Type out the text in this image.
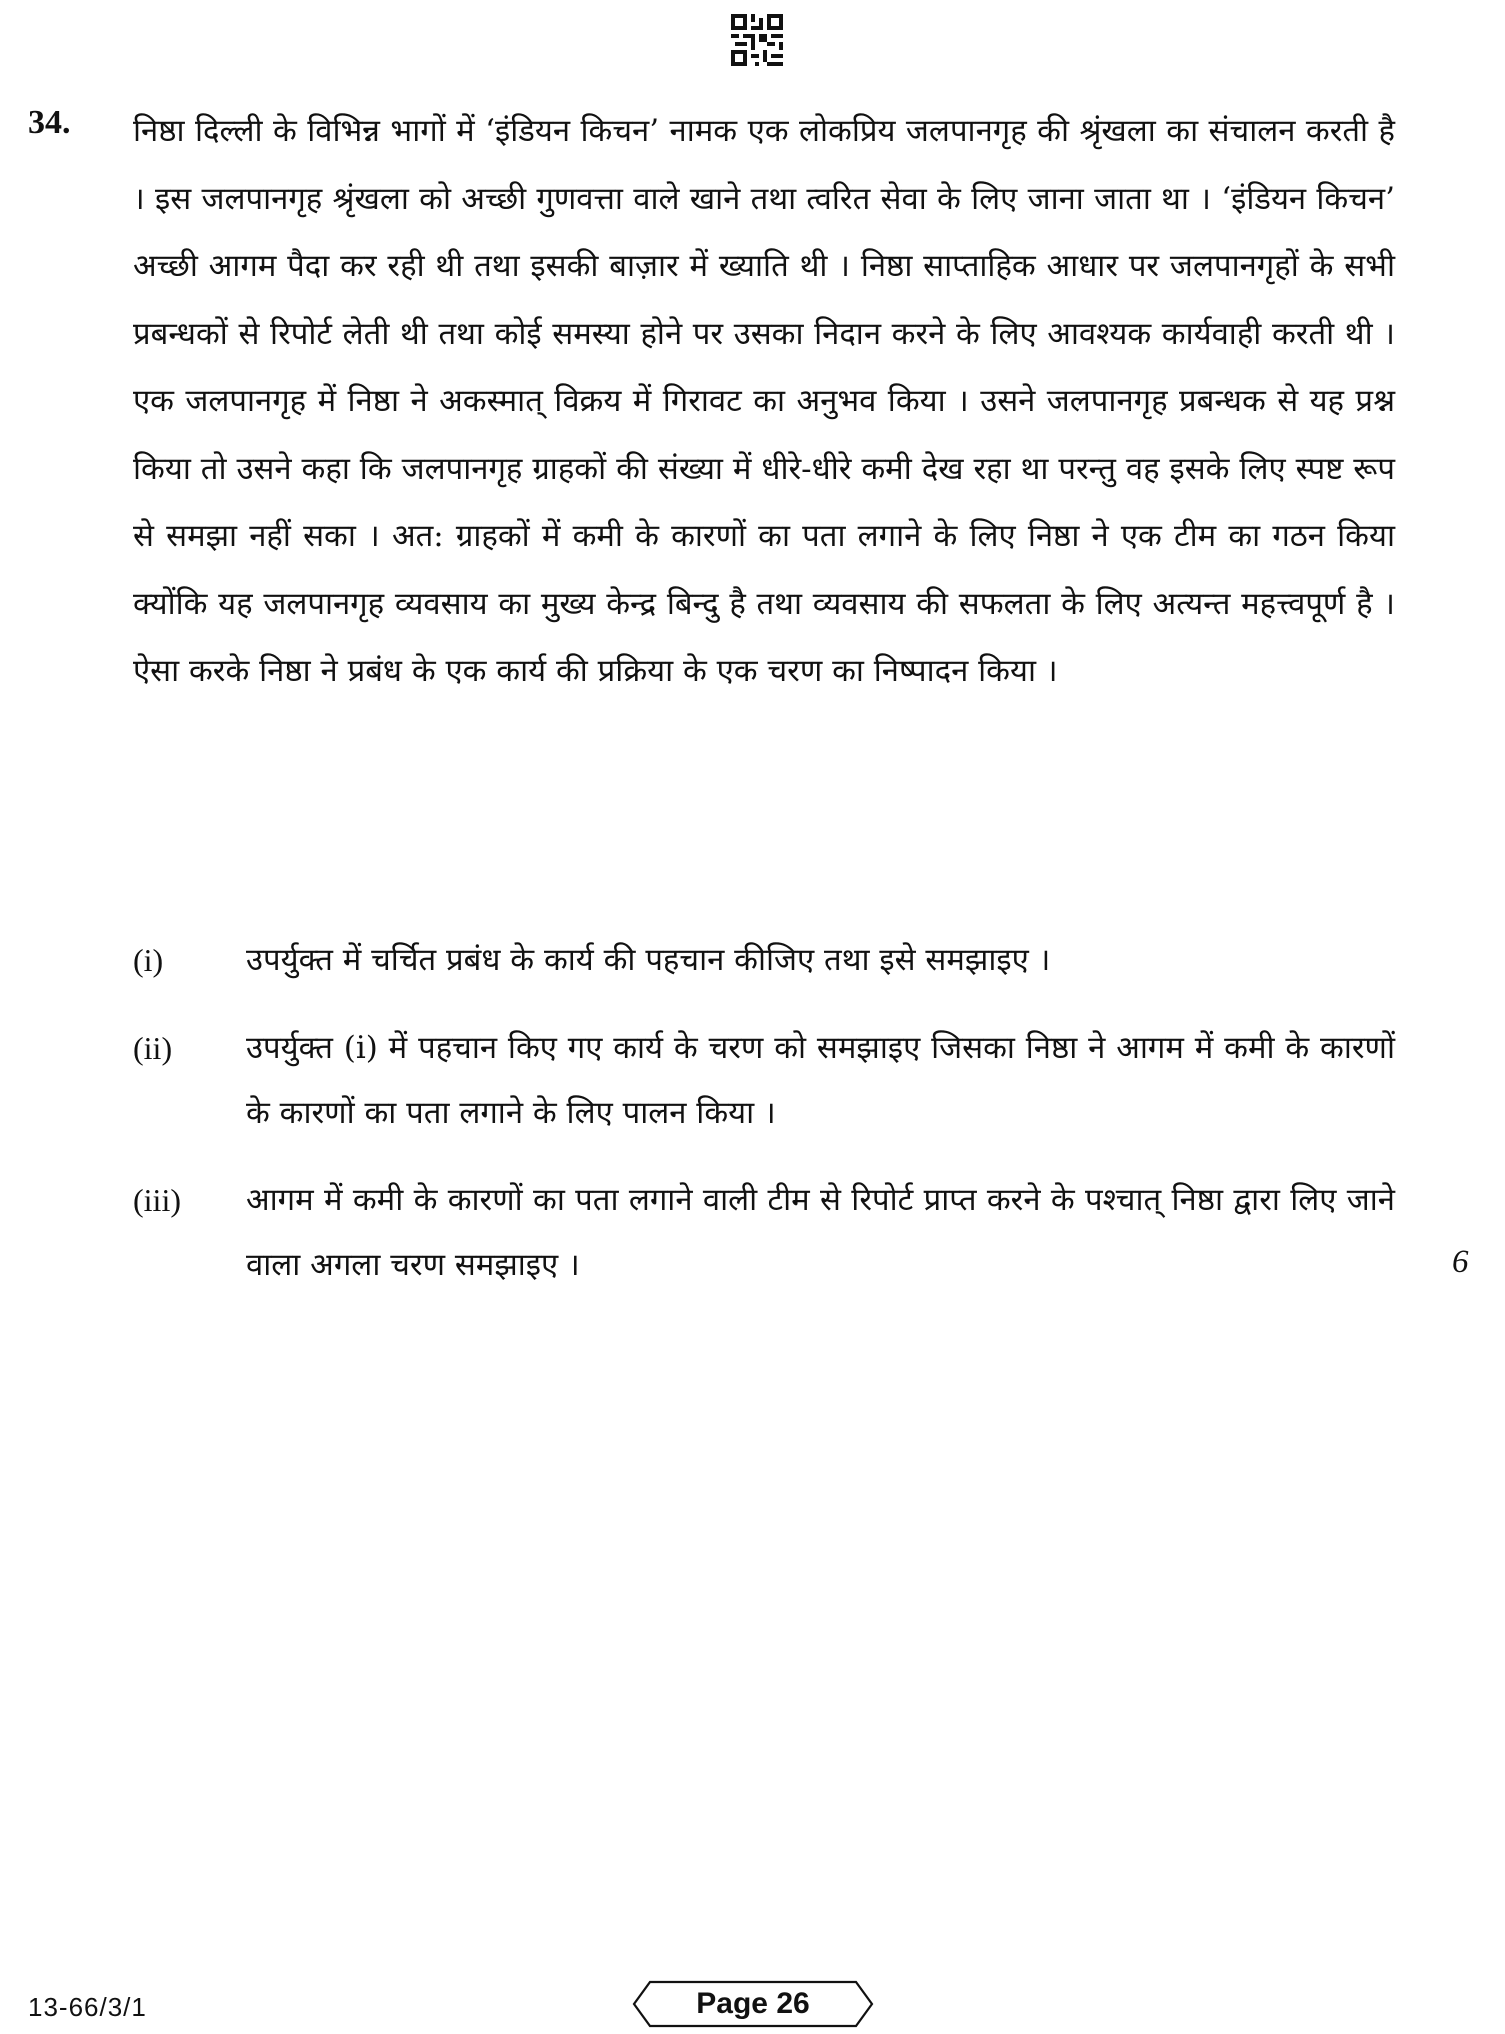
34. निष्ठा दिल्ली के विभिन्न भागों में ‘इंडियन किचन’ नामक एक लोकप्रिय जलपानगृह की श्रृंखला का संचालन करती है । इस जलपानगृह श्रृंखला को अच्छी गुणवत्ता वाले खाने तथा त्वरित सेवा के लिए जाना जाता था । ‘इंडियन किचन’ अच्छी आगम पैदा कर रही थी तथा इसकी बाज़ार में ख्याति थी । निष्ठा साप्ताहिक आधार पर जलपानगृहों के सभी प्रबन्धकों से रिपोर्ट लेती थी तथा कोई समस्या होने पर उसका निदान करने के लिए आवश्यक कार्यवाही करती थी । एक जलपानगृह में निष्ठा ने अकस्मात् विक्रय में गिरावट का अनुभव किया । उसने जलपानगृह प्रबन्धक से यह प्रश्न किया तो उसने कहा कि जलपानगृह ग्राहकों की संख्या में धीरे-धीरे कमी देख रहा था परन्तु वह इसके लिए स्पष्ट रूप से समझा नहीं सका । अत: ग्राहकों में कमी के कारणों का पता लगाने के लिए निष्ठा ने एक टीम का गठन किया क्योंकि यह जलपानगृह व्यवसाय का मुख्य केन्द्र बिन्दु है तथा व्यवसाय की सफलता के लिए अत्यन्त महत्त्वपूर्ण है । ऐसा करके निष्ठा ने प्रबंध के एक कार्य की प्रक्रिया के एक चरण का निष्पादन किया ।

(i)	उपर्युक्त में चर्चित प्रबंध के कार्य की पहचान कीजिए तथा इसे समझाइए ।
(ii) उपर्युक्त (i) में पहचान किए गए कार्य के चरण को समझाइए जिसका निष्ठा ने आगम में कमी के कारणों के कारणों का पता लगाने के लिए पालन किया ।
(iii) आगम में कमी के कारणों का पता लगाने वाली टीम से रिपोर्ट प्राप्त करने के पश्चात् निष्ठा द्वारा लिए जाने वाला अगला चरण समझाइए ।	6
13-66/3/1	Page 26
